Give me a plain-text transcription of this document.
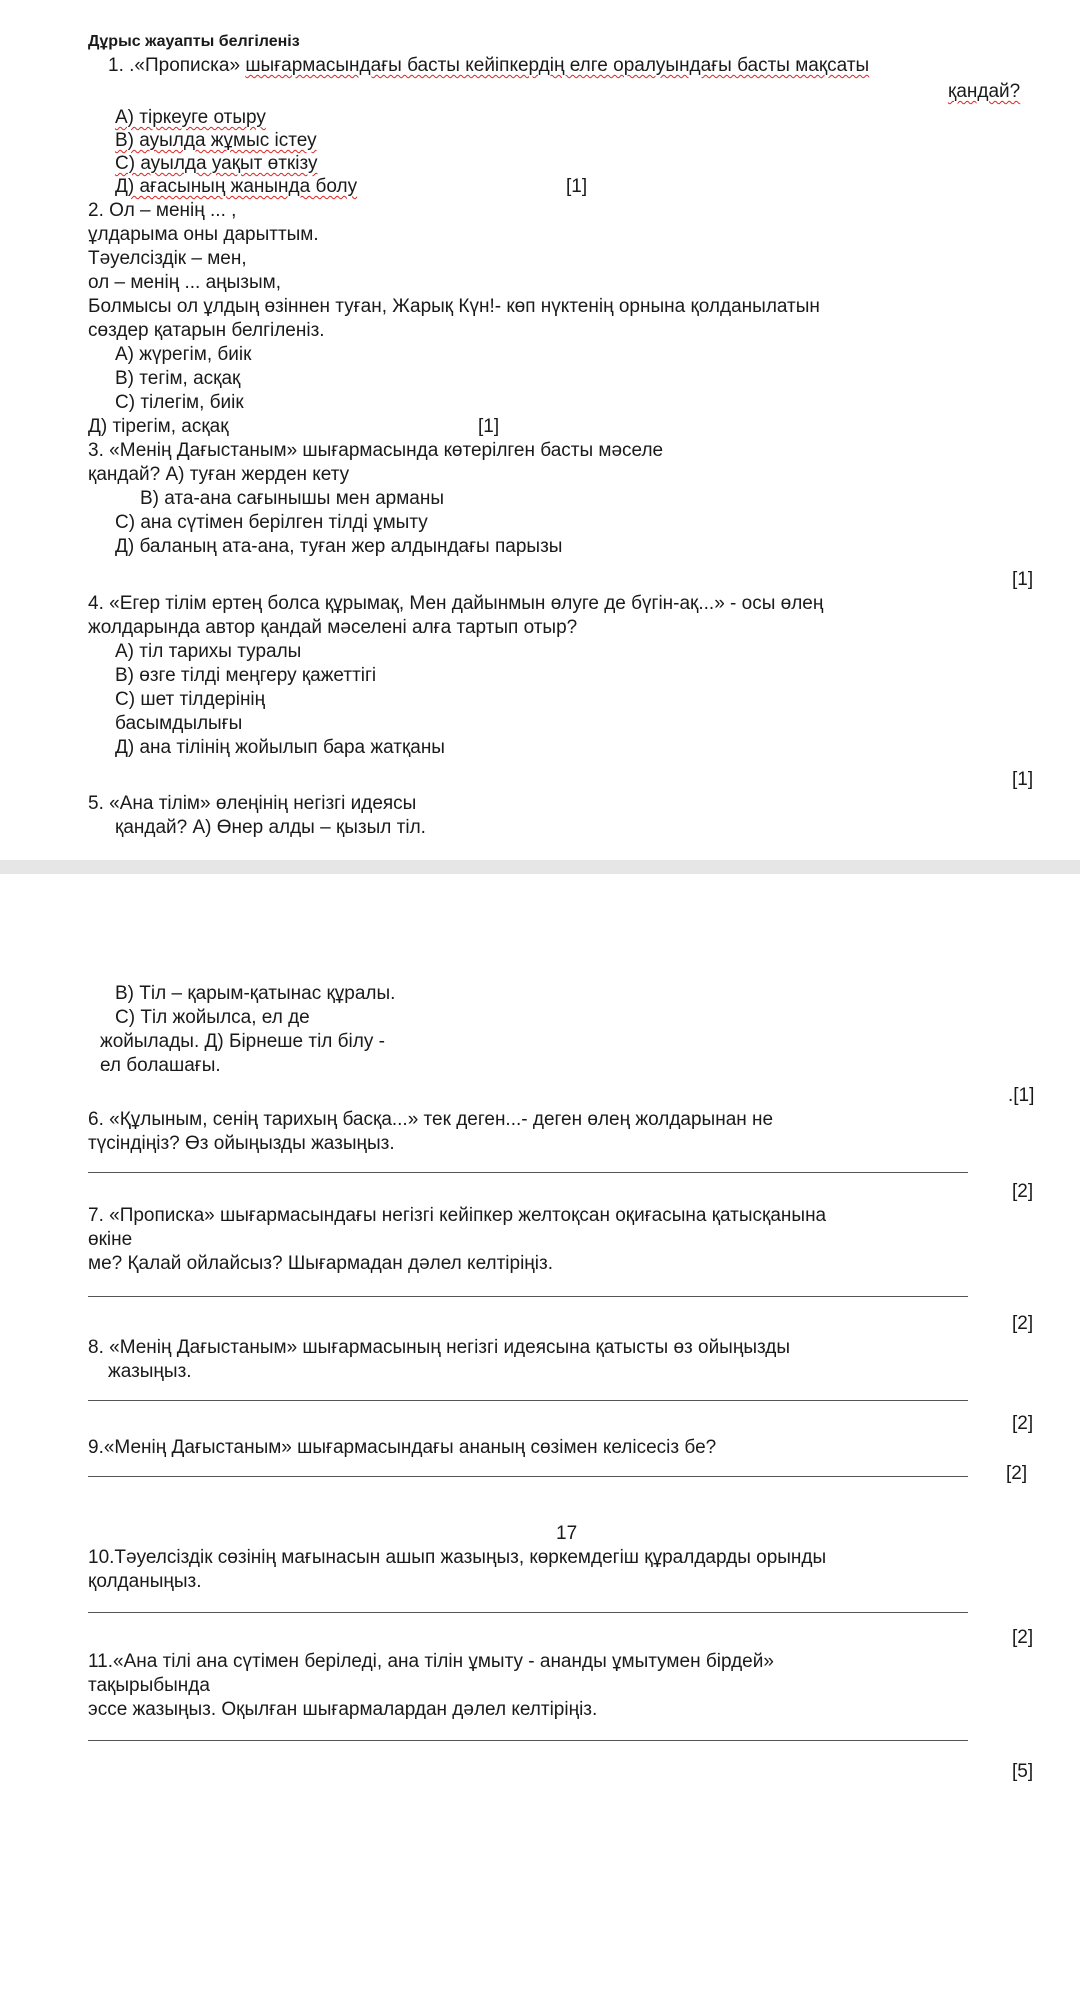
Дұрыс жауапты белгіленіз
1. .«Прописка» шығармасындағы басты кейіпкердің елге оралуындағы басты мақсаты
қандай?
А) тіркеуге отыру
В) ауылда жұмыс істеу
С) ауылда уақыт өткізу
Д) ағасының жанында болу	[1]
2. Ол – менің ... ,
ұлдарыма оны дарыттым.
Тәуелсіздік – мен,
ол – менің ... аңызым,
Болмысы ол ұлдың өзіннен туған, Жарық Күн!- көп нүктенің орнына қолданылатын
сөздер қатарын белгіленіз.
А) жүрегім, биік
В) тегім, асқақ
С) тілегім, биік
Д) тірегім, асқақ	[1]
3. «Менің Дағыстаным» шығармасында көтерілген басты мәселе
қандай? А) туған жерден кету
В) ата-ана сағынышы мен арманы
С) ана сүтімен берілген тілді ұмыту
Д) баланың ата-ана, туған жер алдындағы парызы
[1]
4. «Егер тілім ертең болса құрымақ, Мен дайынмын өлуге де бүгін-ақ...» - осы өлең
жолдарында автор қандай мәселені алға тартып отыр?
А) тіл тарихы туралы
В) өзге тілді меңгеру қажеттігі
С) шет тілдерінің
басымдылығы
Д) ана тілінің жойылып бара жатқаны
[1]
5. «Ана тілім» өлеңінің негізгі идеясы
қандай? А) Өнер алды – қызыл тіл.
В) Тіл – қарым-қатынас құралы.
С) Тіл жойылса, ел де
жойылады. Д) Бірнеше тіл білу -
ел болашағы.
.[1]
6. «Құлыным, сенің тарихың басқа...» тек деген...- деген өлең жолдарынан не
түсіндіңіз? Өз ойыңызды жазыңыз.
[2]
7. «Прописка» шығармасындағы негізгі кейіпкер желтоқсан оқиғасына қатысқанына
өкіне
ме? Қалай ойлайсыз? Шығармадан дәлел келтіріңіз.
[2]
8. «Менің Дағыстаным» шығармасының негізгі идеясына қатысты өз ойыңызды
жазыңыз.
[2]
9.«Менің Дағыстаным» шығармасындағы ананың сөзімен келісесіз бе?
[2]
17
10.Тәуелсіздік сөзінің мағынасын ашып жазыңыз, көркемдегіш құралдарды орынды
қолданыңыз.
[2]
11.«Ана тілі ана сүтімен беріледі, ана тілін ұмыту - ананды ұмытумен бірдей»
тақырыбында
эссе жазыңыз. Оқылған шығармалардан дәлел келтіріңіз.
[5]
